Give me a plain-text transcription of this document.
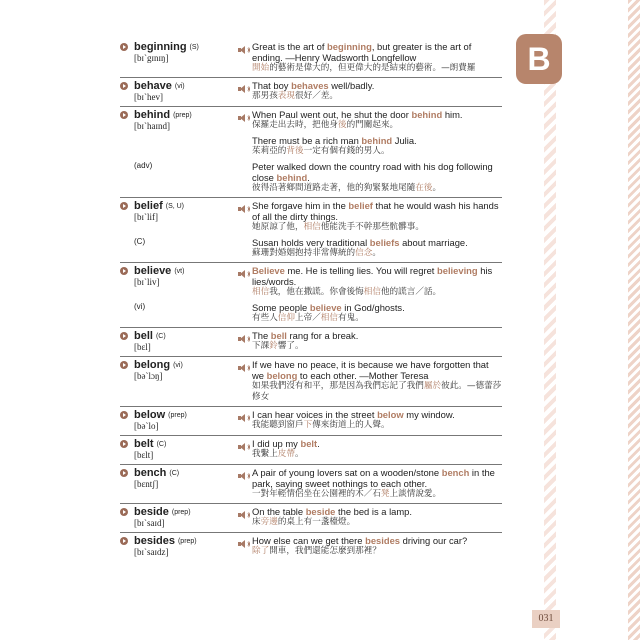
B
031
beginning (S)
[bɪˋgɪnɪŋ]
Great is the art of beginning, but greater is the art of ending. —Henry Wadsworth Longfellow
開始的藝術是偉大的，但更偉大的是結束的藝術。—朗費羅
behave (vi)
[bɪˋhev]
That boy behaves well/badly.
那男孩表現很好／差。
behind (prep)
[bɪˋhaɪnd]
(adv)
When Paul went out, he shut the door behind him.
保羅走出去時，把他身後的門關起來。
There must be a rich man behind Julia.
茱莉亞的背後一定有個有錢的男人。
Peter walked down the country road with his dog following close behind.
彼得沿著鄉間道路走著，他的狗緊緊地尾隨在後。
belief (S, U)
[bɪˋlif]
(C)
She forgave him in the belief that he would wash his hands of all the dirty things.
她原諒了他，相信他能洗手不幹那些骯髒事。
Susan holds very traditional beliefs about marriage.
蘇珊對婚姻抱持非常傳統的信念。
believe (vt)
[bɪˋliv]
(vi)
Believe me. He is telling lies. You will regret believing his lies/words.
相信我，他在撒謊。你會後悔相信他的謊言／話。
Some people believe in God/ghosts.
有些人信仰上帝／相信有鬼。
bell (C)
[bɛl]
The bell rang for a break.
下課鈴響了。
belong (vi)
[bəˋlɔŋ]
If we have no peace, it is because we have forgotten that we belong to each other. —Mother Teresa
如果我們沒有和平，那是因為我們忘記了我們屬於彼此。—德蕾莎修女
below (prep)
[bəˋlo]
I can hear voices in the street below my window.
我能聽到窗戶下傳來街道上的人聲。
belt (C)
[bɛlt]
I did up my belt.
我繫上皮帶。
bench (C)
[bɛntʃ]
A pair of young lovers sat on a wooden/stone bench in the park, saying sweet nothings to each other.
一對年輕情侶坐在公園裡的木／石凳上談情說愛。
beside (prep)
[bɪˋsaɪd]
On the table beside the bed is a lamp.
床旁邊的桌上有一盞檯燈。
besides (prep)
[bɪˋsaɪdz]
How else can we get there besides driving our car?
除了開車，我們還能怎麼到那裡？
